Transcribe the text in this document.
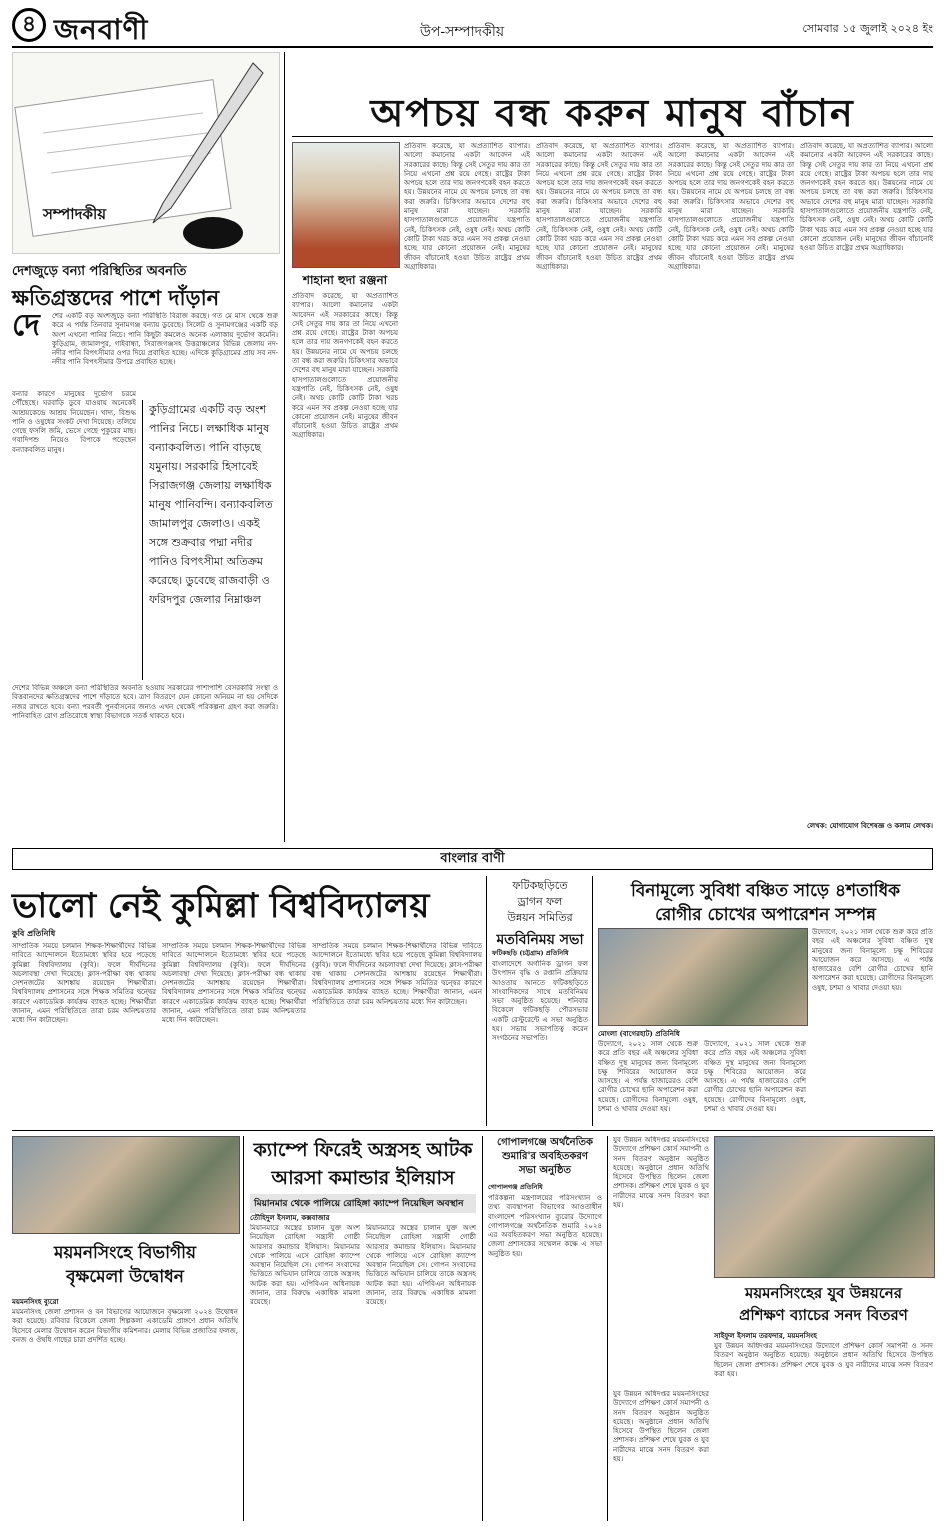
৪ জনবাণী	উপ-সম্পাদকীয়	সোমবার ১৫ জুলাই ২০২৪ ইং
সম্পাদকীয়
দেশজুড়ে বন্যা পরিস্থিতির অবনতি
ক্ষতিগ্রস্তদের পাশে দাঁড়ান
দে শের একটি বড় অংশজুড়ে বন্যা পরিস্থিতি বিরাজ করছে। গত মে মাস থেকে শুরু করে এ পর্যন্ত তিনবার সুনামগঞ্জ বন্যায় ডুবেছে। সিলেট ও সুনামগঞ্জের একটি বড় অংশ এখনো পানির নিচে। পানি কিছুটা কমলেও অনেক এলাকায় দুর্ভোগ কমেনি। কুড়িগ্রাম, জামালপুর, গাইবান্ধা, সিরাজগঞ্জসহ উত্তরাঞ্চলের বিভিন্ন জেলায় নদ-নদীর পানি বিপৎসীমার ওপর দিয়ে প্রবাহিত হচ্ছে। এদিকে কুড়িগ্রামের প্রায় সব নদ-নদীর পানি বিপৎসীমার উপরে প্রবাহিত হচ্ছে।
বন্যার কারণে মানুষের দুর্ভোগ চরমে পৌঁছেছে। ঘরবাড়ি ডুবে যাওয়ায় অনেকেই আশ্রয়কেন্দ্রে আশ্রয় নিয়েছেন। খাদ্য, বিশুদ্ধ পানি ও ওষুধের সংকট দেখা দিয়েছে। তলিয়ে গেছে ফসলি জমি, ভেসে গেছে পুকুরের মাছ। গবাদিপশু নিয়েও বিপাকে পড়েছেন বন্যাকবলিত মানুষ।
কুড়িগ্রামের একটি বড় অংশ পানির নিচে। লক্ষাধিক মানুষ বন্যাকবলিত। পানি বাড়ছে যমুনায়। সরকারি হিসাবেই সিরাজগঞ্জ জেলায় লক্ষাধিক মানুষ পানিবন্দি। বন্যাকবলিত জামালপুর জেলাও। একই সঙ্গে শুক্রবার পদ্মা নদীর পানিও বিপৎসীমা অতিক্রম করেছে। ডুবেছে রাজবাড়ী ও ফরিদপুর জেলার নিম্নাঞ্চল
দেশের বিভিন্ন অঞ্চলে বন্যা পরিস্থিতির অবনতি হওয়ায় সরকারের পাশাপাশি বেসরকারি সংস্থা ও বিত্তবানদের ক্ষতিগ্রস্তদের পাশে দাঁড়াতে হবে। ত্রাণ বিতরণে যেন কোনো অনিয়ম না হয় সেদিকে নজর রাখতে হবে। বন্যা পরবর্তী পুনর্বাসনের জন্যও এখন থেকেই পরিকল্পনা গ্রহণ করা জরুরি। পানিবাহিত রোগ প্রতিরোধে স্বাস্থ্য বিভাগকে সতর্ক থাকতে হবে।
অপচয় বন্ধ করুন মানুষ বাঁচান
শাহানা হুদা রঞ্জনা
প্রতিবাদ করেছে, যা অপ্রত্যাশিত ব্যাপার। আলো কমানোর একটা আবেদন এই সরকারের কাছে। কিন্তু সেই সেতুর দায় কার তা নিয়ে এখনো প্রশ্ন রয়ে গেছে। রাষ্ট্রের টাকা অপচয় হলে তার দায় জনগণকেই বহন করতে হয়। উন্নয়নের নামে যে অপচয় চলছে তা বন্ধ করা জরুরি। চিকিৎসার অভাবে দেশের বহু মানুষ মারা যাচ্ছেন। সরকারি হাসপাতালগুলোতে প্রয়োজনীয় যন্ত্রপাতি নেই, চিকিৎসক নেই, ওষুধ নেই। অথচ কোটি কোটি টাকা খরচ করে এমন সব প্রকল্প নেওয়া হচ্ছে যার কোনো প্রয়োজন নেই। মানুষের জীবন বাঁচানোই হওয়া উচিত রাষ্ট্রের প্রথম অগ্রাধিকার।
প্রতিবাদ করেছে, যা অপ্রত্যাশিত ব্যাপার। আলো কমানোর একটা আবেদন এই সরকারের কাছে। কিন্তু সেই সেতুর দায় কার তা নিয়ে এখনো প্রশ্ন রয়ে গেছে। রাষ্ট্রের টাকা অপচয় হলে তার দায় জনগণকেই বহন করতে হয়। উন্নয়নের নামে যে অপচয় চলছে তা বন্ধ করা জরুরি। চিকিৎসার অভাবে দেশের বহু মানুষ মারা যাচ্ছেন। সরকারি হাসপাতালগুলোতে প্রয়োজনীয় যন্ত্রপাতি নেই, চিকিৎসক নেই, ওষুধ নেই। অথচ কোটি কোটি টাকা খরচ করে এমন সব প্রকল্প নেওয়া হচ্ছে যার কোনো প্রয়োজন নেই। মানুষের জীবন বাঁচানোই হওয়া উচিত রাষ্ট্রের প্রথম অগ্রাধিকার।
প্রতিবাদ করেছে, যা অপ্রত্যাশিত ব্যাপার। আলো কমানোর একটা আবেদন এই সরকারের কাছে। কিন্তু সেই সেতুর দায় কার তা নিয়ে এখনো প্রশ্ন রয়ে গেছে। রাষ্ট্রের টাকা অপচয় হলে তার দায় জনগণকেই বহন করতে হয়। উন্নয়নের নামে যে অপচয় চলছে তা বন্ধ করা জরুরি। চিকিৎসার অভাবে দেশের বহু মানুষ মারা যাচ্ছেন। সরকারি হাসপাতালগুলোতে প্রয়োজনীয় যন্ত্রপাতি নেই, চিকিৎসক নেই, ওষুধ নেই। অথচ কোটি কোটি টাকা খরচ করে এমন সব প্রকল্প নেওয়া হচ্ছে যার কোনো প্রয়োজন নেই। মানুষের জীবন বাঁচানোই হওয়া উচিত রাষ্ট্রের প্রথম অগ্রাধিকার।
প্রতিবাদ করেছে, যা অপ্রত্যাশিত ব্যাপার। আলো কমানোর একটা আবেদন এই সরকারের কাছে। কিন্তু সেই সেতুর দায় কার তা নিয়ে এখনো প্রশ্ন রয়ে গেছে। রাষ্ট্রের টাকা অপচয় হলে তার দায় জনগণকেই বহন করতে হয়। উন্নয়নের নামে যে অপচয় চলছে তা বন্ধ করা জরুরি। চিকিৎসার অভাবে দেশের বহু মানুষ মারা যাচ্ছেন। সরকারি হাসপাতালগুলোতে প্রয়োজনীয় যন্ত্রপাতি নেই, চিকিৎসক নেই, ওষুধ নেই। অথচ কোটি কোটি টাকা খরচ করে এমন সব প্রকল্প নেওয়া হচ্ছে যার কোনো প্রয়োজন নেই। মানুষের জীবন বাঁচানোই হওয়া উচিত রাষ্ট্রের প্রথম অগ্রাধিকার।
প্রতিবাদ করেছে, যা অপ্রত্যাশিত ব্যাপার। আলো কমানোর একটা আবেদন এই সরকারের কাছে। কিন্তু সেই সেতুর দায় কার তা নিয়ে এখনো প্রশ্ন রয়ে গেছে। রাষ্ট্রের টাকা অপচয় হলে তার দায় জনগণকেই বহন করতে হয়। উন্নয়নের নামে যে অপচয় চলছে তা বন্ধ করা জরুরি। চিকিৎসার অভাবে দেশের বহু মানুষ মারা যাচ্ছেন। সরকারি হাসপাতালগুলোতে প্রয়োজনীয় যন্ত্রপাতি নেই, চিকিৎসক নেই, ওষুধ নেই। অথচ কোটি কোটি টাকা খরচ করে এমন সব প্রকল্প নেওয়া হচ্ছে যার কোনো প্রয়োজন নেই। মানুষের জীবন বাঁচানোই হওয়া উচিত রাষ্ট্রের প্রথম অগ্রাধিকার।
লেখক: যোগাযোগ বিশেষজ্ঞ ও কলাম লেখক।
বাংলার বাণী
ভালো নেই কুমিল্লা বিশ্ববিদ্যালয়
কুবি প্রতিনিধি
সাম্প্রতিক সময়ে চলমান শিক্ষক-শিক্ষার্থীদের বিভিন্ন দাবিতে আন্দোলনে ইতোমধ্যে স্থবির হয়ে পড়েছে কুমিল্লা বিশ্ববিদ্যালয় (কুবি)। ফলে দীর্ঘদিনের অচলাবস্থা দেখা দিয়েছে। ক্লাস-পরীক্ষা বন্ধ থাকায় সেশনজটের আশঙ্কায় রয়েছেন শিক্ষার্থীরা। বিশ্ববিদ্যালয় প্রশাসনের সঙ্গে শিক্ষক সমিতির দ্বন্দ্বের কারণে একাডেমিক কার্যক্রম ব্যাহত হচ্ছে। শিক্ষার্থীরা জানান, এমন পরিস্থিতিতে তারা চরম অনিশ্চয়তার মধ্যে দিন কাটাচ্ছেন।
সাম্প্রতিক সময়ে চলমান শিক্ষক-শিক্ষার্থীদের বিভিন্ন দাবিতে আন্দোলনে ইতোমধ্যে স্থবির হয়ে পড়েছে কুমিল্লা বিশ্ববিদ্যালয় (কুবি)। ফলে দীর্ঘদিনের অচলাবস্থা দেখা দিয়েছে। ক্লাস-পরীক্ষা বন্ধ থাকায় সেশনজটের আশঙ্কায় রয়েছেন শিক্ষার্থীরা। বিশ্ববিদ্যালয় প্রশাসনের সঙ্গে শিক্ষক সমিতির দ্বন্দ্বের কারণে একাডেমিক কার্যক্রম ব্যাহত হচ্ছে। শিক্ষার্থীরা জানান, এমন পরিস্থিতিতে তারা চরম অনিশ্চয়তার মধ্যে দিন কাটাচ্ছেন।
সাম্প্রতিক সময়ে চলমান শিক্ষক-শিক্ষার্থীদের বিভিন্ন দাবিতে আন্দোলনে ইতোমধ্যে স্থবির হয়ে পড়েছে কুমিল্লা বিশ্ববিদ্যালয় (কুবি)। ফলে দীর্ঘদিনের অচলাবস্থা দেখা দিয়েছে। ক্লাস-পরীক্ষা বন্ধ থাকায় সেশনজটের আশঙ্কায় রয়েছেন শিক্ষার্থীরা। বিশ্ববিদ্যালয় প্রশাসনের সঙ্গে শিক্ষক সমিতির দ্বন্দ্বের কারণে একাডেমিক কার্যক্রম ব্যাহত হচ্ছে। শিক্ষার্থীরা জানান, এমন পরিস্থিতিতে তারা চরম অনিশ্চয়তার মধ্যে দিন কাটাচ্ছেন।
ফটিকছড়িতে
ড্রাগন ফল
উন্নয়ন সমিতির
মতবিনিময় সভা
ফটিকছড়ি (চট্টগ্রাম) প্রতিনিধি
বাংলাদেশে অর্গানিক ড্রাগন ফল উৎপাদন বৃদ্ধি ও রপ্তানি প্রক্রিয়ার আওতায় আনতে ফটিকছড়িতে সাংবাদিকদের সাথে মতবিনিময় সভা অনুষ্ঠিত হয়েছে। শনিবার বিকেলে ফটিকছড়ি পৌরসভার একটি রেস্টুরেন্টে এ সভা অনুষ্ঠিত হয়। সভায় সভাপতিত্ব করেন সংগঠনের সভাপতি।
বিনামূল্যে সুবিধা বঞ্চিত সাড়ে ৪শতাধিক
রোগীর চোখের অপারেশন সম্পন্ন
মোংলা (বাগেরহাট) প্রতিনিধি
উদ্যোগে, ২০২১ সাল থেকে শুরু করে প্রতি বছর এই অঞ্চলের সুবিধা বঞ্চিত দুস্থ মানুষের জন্য বিনামূল্যে চক্ষু শিবিরের আয়োজন করে আসছে। এ পর্যন্ত হাজারেরও বেশি রোগীর চোখের ছানি অপারেশন করা হয়েছে। রোগীদের বিনামূল্যে ওষুধ, চশমা ও খাবার দেওয়া হয়।
উদ্যোগে, ২০২১ সাল থেকে শুরু করে প্রতি বছর এই অঞ্চলের সুবিধা বঞ্চিত দুস্থ মানুষের জন্য বিনামূল্যে চক্ষু শিবিরের আয়োজন করে আসছে। এ পর্যন্ত হাজারেরও বেশি রোগীর চোখের ছানি অপারেশন করা হয়েছে। রোগীদের বিনামূল্যে ওষুধ, চশমা ও খাবার দেওয়া হয়।
উদ্যোগে, ২০২১ সাল থেকে শুরু করে প্রতি বছর এই অঞ্চলের সুবিধা বঞ্চিত দুস্থ মানুষের জন্য বিনামূল্যে চক্ষু শিবিরের আয়োজন করে আসছে। এ পর্যন্ত হাজারেরও বেশি রোগীর চোখের ছানি অপারেশন করা হয়েছে। রোগীদের বিনামূল্যে ওষুধ, চশমা ও খাবার দেওয়া হয়।
ময়মনসিংহে বিভাগীয়
বৃক্ষমেলা উদ্বোধন
ময়মনসিংহ ব্যুরো
ময়মনসিংহ জেলা প্রশাসন ও বন বিভাগের আয়োজনে বৃক্ষমেলা ২০২৪ উদ্বোধন করা হয়েছে। রবিবার বিকেলে জেলা শিল্পকলা একাডেমি প্রাঙ্গণে প্রধান অতিথি হিসেবে মেলার উদ্বোধন করেন বিভাগীয় কমিশনার। মেলায় বিভিন্ন প্রজাতির ফলজ, বনজ ও ঔষধি গাছের চারা প্রদর্শিত হচ্ছে।
ক্যাম্পে ফিরেই অস্ত্রসহ আটক
আরসা কমান্ডার ইলিয়াস
মিয়ানমার থেকে পালিয়ে রোহিঙ্গা ক্যাম্পে নিয়েছিল অবস্থান
তৌহিদুল ইসলাম, কক্সবাজার
মিয়ানমারে অস্ত্রের চালান যুক্ত অংশ নিয়েছিল রোহিঙ্গা সন্ত্রাসী গোষ্ঠী আরসার কমান্ডার ইলিয়াস। মিয়ানমার থেকে পালিয়ে এসে রোহিঙ্গা ক্যাম্পে অবস্থান নিয়েছিল সে। গোপন সংবাদের ভিত্তিতে অভিযান চালিয়ে তাকে অস্ত্রসহ আটক করা হয়। এপিবিএন অধিনায়ক জানান, তার বিরুদ্ধে একাধিক মামলা রয়েছে।
মিয়ানমারে অস্ত্রের চালান যুক্ত অংশ নিয়েছিল রোহিঙ্গা সন্ত্রাসী গোষ্ঠী আরসার কমান্ডার ইলিয়াস। মিয়ানমার থেকে পালিয়ে এসে রোহিঙ্গা ক্যাম্পে অবস্থান নিয়েছিল সে। গোপন সংবাদের ভিত্তিতে অভিযান চালিয়ে তাকে অস্ত্রসহ আটক করা হয়। এপিবিএন অধিনায়ক জানান, তার বিরুদ্ধে একাধিক মামলা রয়েছে।
গোপালগঞ্জে অর্থনৈতিক
শুমারি'র অবহিতকরণ
সভা অনুষ্ঠিত
গোপালগঞ্জ প্রতিনিধি
পরিকল্পনা মন্ত্রণালয়ের পরিসংখ্যান ও তথ্য ব্যবস্থাপনা বিভাগের আওতাধীন বাংলাদেশ পরিসংখ্যান ব্যুরোর উদ্যোগে গোপালগঞ্জে অর্থনৈতিক শুমারি ২০২৪ এর অবহিতকরণ সভা অনুষ্ঠিত হয়েছে। জেলা প্রশাসকের সম্মেলন কক্ষে এ সভা অনুষ্ঠিত হয়।
যুব উন্নয়ন অধিদপ্তর ময়মনসিংহের উদ্যোগে প্রশিক্ষণ কোর্স সমাপনী ও সনদ বিতরণ অনুষ্ঠান অনুষ্ঠিত হয়েছে। অনুষ্ঠানে প্রধান অতিথি হিসেবে উপস্থিত ছিলেন জেলা প্রশাসক। প্রশিক্ষণ শেষে যুবক ও যুব নারীদের মাঝে সনদ বিতরণ করা হয়।
ময়মনসিংহের যুব উন্নয়নের
প্রশিক্ষণ ব্যাচের সনদ বিতরণ
সাইফুল ইসলাম তরফদার, ময়মনসিংহ
যুব উন্নয়ন অধিদপ্তর ময়মনসিংহের উদ্যোগে প্রশিক্ষণ কোর্স সমাপনী ও সনদ বিতরণ অনুষ্ঠান অনুষ্ঠিত হয়েছে। অনুষ্ঠানে প্রধান অতিথি হিসেবে উপস্থিত ছিলেন জেলা প্রশাসক। প্রশিক্ষণ শেষে যুবক ও যুব নারীদের মাঝে সনদ বিতরণ করা হয়।
যুব উন্নয়ন অধিদপ্তর ময়মনসিংহের উদ্যোগে প্রশিক্ষণ কোর্স সমাপনী ও সনদ বিতরণ অনুষ্ঠান অনুষ্ঠিত হয়েছে। অনুষ্ঠানে প্রধান অতিথি হিসেবে উপস্থিত ছিলেন জেলা প্রশাসক। প্রশিক্ষণ শেষে যুবক ও যুব নারীদের মাঝে সনদ বিতরণ করা হয়।
